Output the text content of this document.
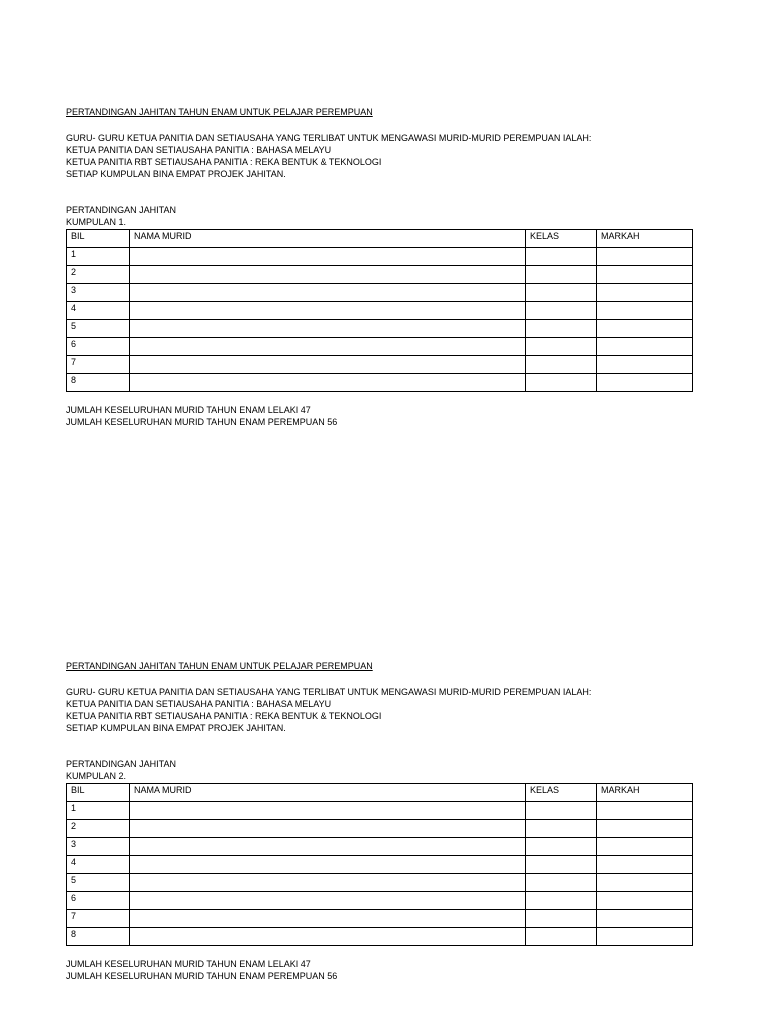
PERTANDINGAN JAHITAN TAHUN ENAM UNTUK PELAJAR PEREMPUAN

GURU- GURU KETUA PANITIA DAN SETIAUSAHA YANG TERLIBAT UNTUK MENGAWASI MURID-MURID PEREMPUAN IALAH:
KETUA PANITIA DAN SETIAUSAHA PANITIA : BAHASA MELAYU
KETUA PANITIA RBT SETIAUSAHA PANITIA : REKA BENTUK & TEKNOLOGI
SETIAP KUMPULAN BINA EMPAT PROJEK JAHITAN.
PERTANDINGAN JAHITAN
KUMPULAN 1.
BIL	NAMA MURID	KELAS	MARKAH
1			
2			
3			
4			
5			
6			
7			
8			
JUMLAH KESELURUHAN MURID TAHUN ENAM LELAKI 47
JUMLAH KESELURUHAN MURID TAHUN ENAM PEREMPUAN 56

PERTANDINGAN JAHITAN TAHUN ENAM UNTUK PELAJAR PEREMPUAN

GURU- GURU KETUA PANITIA DAN SETIAUSAHA YANG TERLIBAT UNTUK MENGAWASI MURID-MURID PEREMPUAN IALAH:
KETUA PANITIA DAN SETIAUSAHA PANITIA : BAHASA MELAYU
KETUA PANITIA RBT SETIAUSAHA PANITIA : REKA BENTUK & TEKNOLOGI
SETIAP KUMPULAN BINA EMPAT PROJEK JAHITAN.
PERTANDINGAN JAHITAN
KUMPULAN 2.
BIL	NAMA MURID	KELAS	MARKAH
1			
2			
3			
4			
5			
6			
7			
8			
JUMLAH KESELURUHAN MURID TAHUN ENAM LELAKI 47
JUMLAH KESELURUHAN MURID TAHUN ENAM PEREMPUAN 56
